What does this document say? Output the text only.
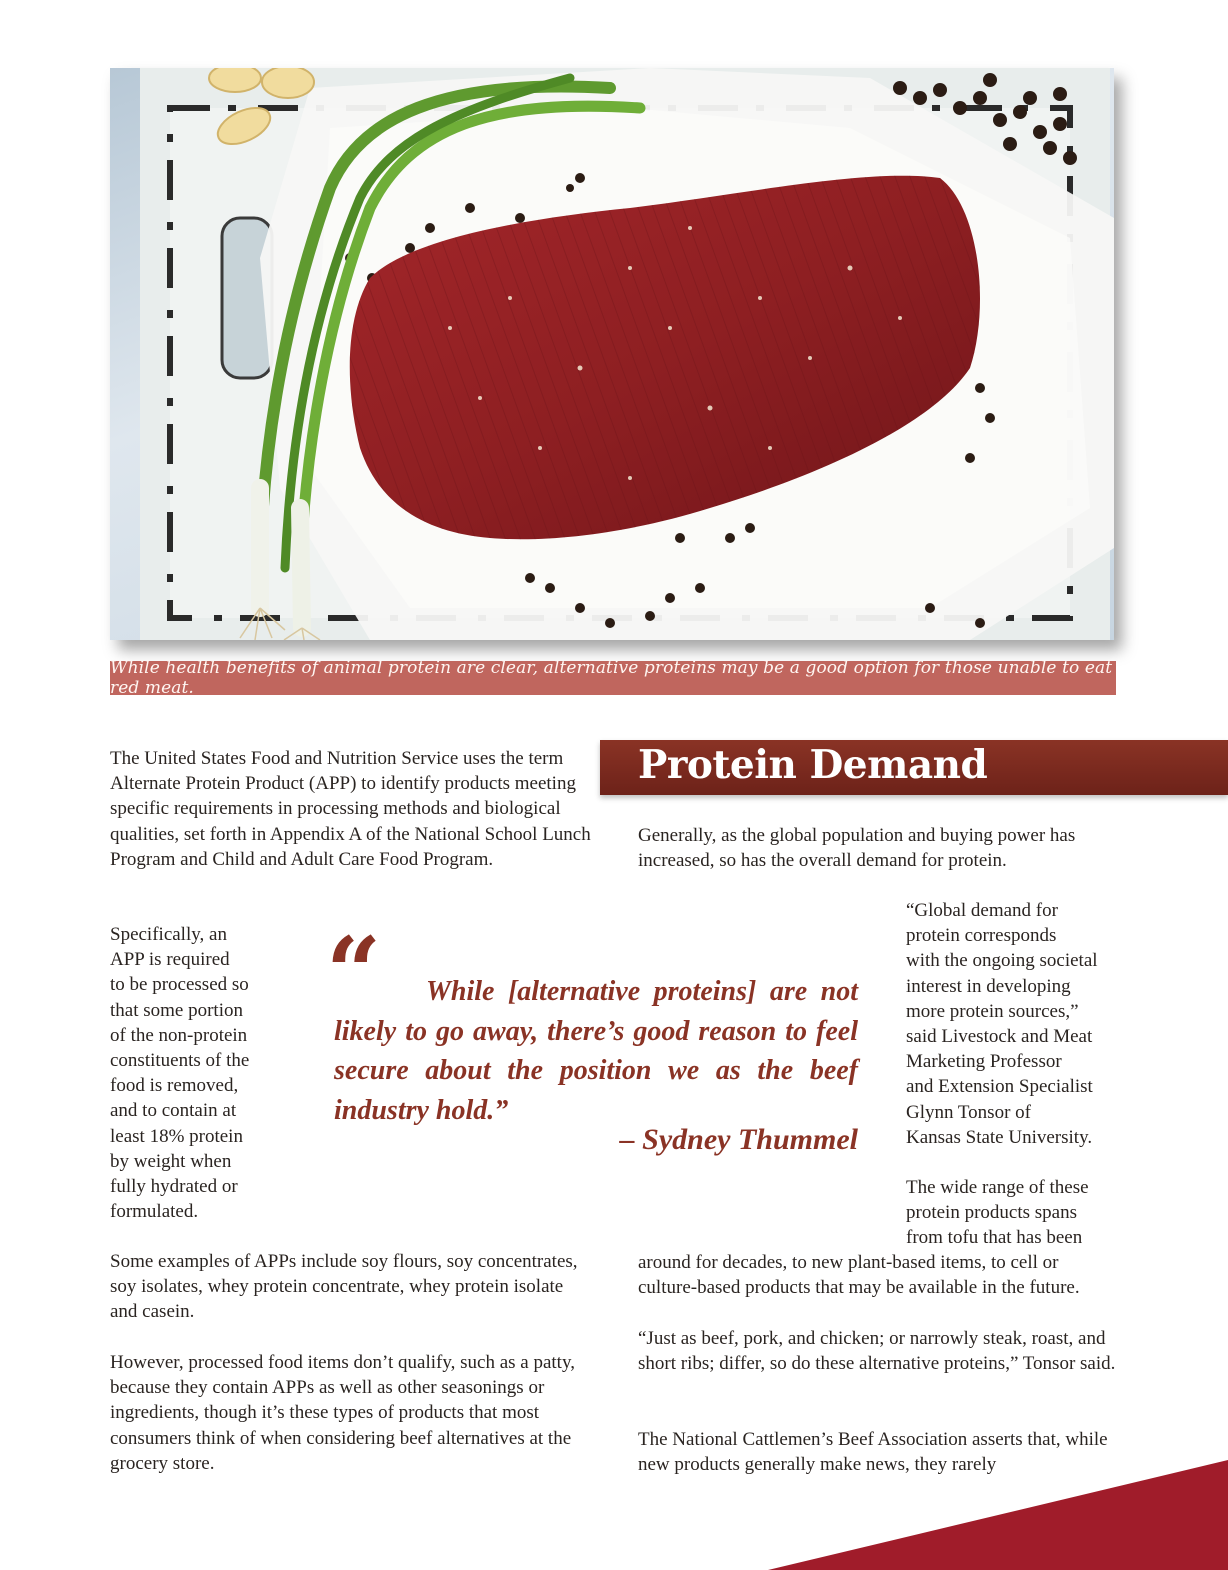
While health benefits of animal protein are clear, alternative proteins may be a good option for those unable to eat red meat.
Protein Demand

The United States Food and Nutrition Service uses the term Alternate Protein Product (APP) to identify products meeting specific requirements in processing methods and biological qualities, set forth in Appendix A of the National School Lunch Program and Child and Adult Care Food Program.

Specifically, an
APP is required
to be processed so
that some portion
of the non-protein
constituents of the
food is removed,
and to contain at
least 18% protein
by weight when
fully hydrated or
formulated.

Some examples of APPs include soy flours, soy concentrates, soy isolates, whey protein concentrate, whey protein isolate and casein.

However, processed food items don’t qualify, such as a patty, because they contain APPs as well as other seasonings or ingredients, though it’s these types of products that most consumers think of when considering beef alternatives at the grocery store.

“	While [alternative proteins] are not likely to go away, there’s good reason to feel secure about the position we as the beef industry hold.”

– Sydney Thummel

Generally, as the global population and buying power has increased, so has the overall demand for protein.

“Global demand for
protein corresponds
with the ongoing societal
interest in developing
more protein sources,”
said Livestock and Meat
Marketing Professor
and Extension Specialist
Glynn Tonsor of
Kansas State University.
The wide range of these
protein products spans
from tofu that has been

around for decades, to new plant-based items, to cell or culture-based products that may be available in the future.

“Just as beef, pork, and chicken; or narrowly steak, roast, and short ribs; differ, so do these alternative proteins,” Tonsor said.

The National Cattlemen’s Beef Association asserts that, while new products generally make news, they rarely
